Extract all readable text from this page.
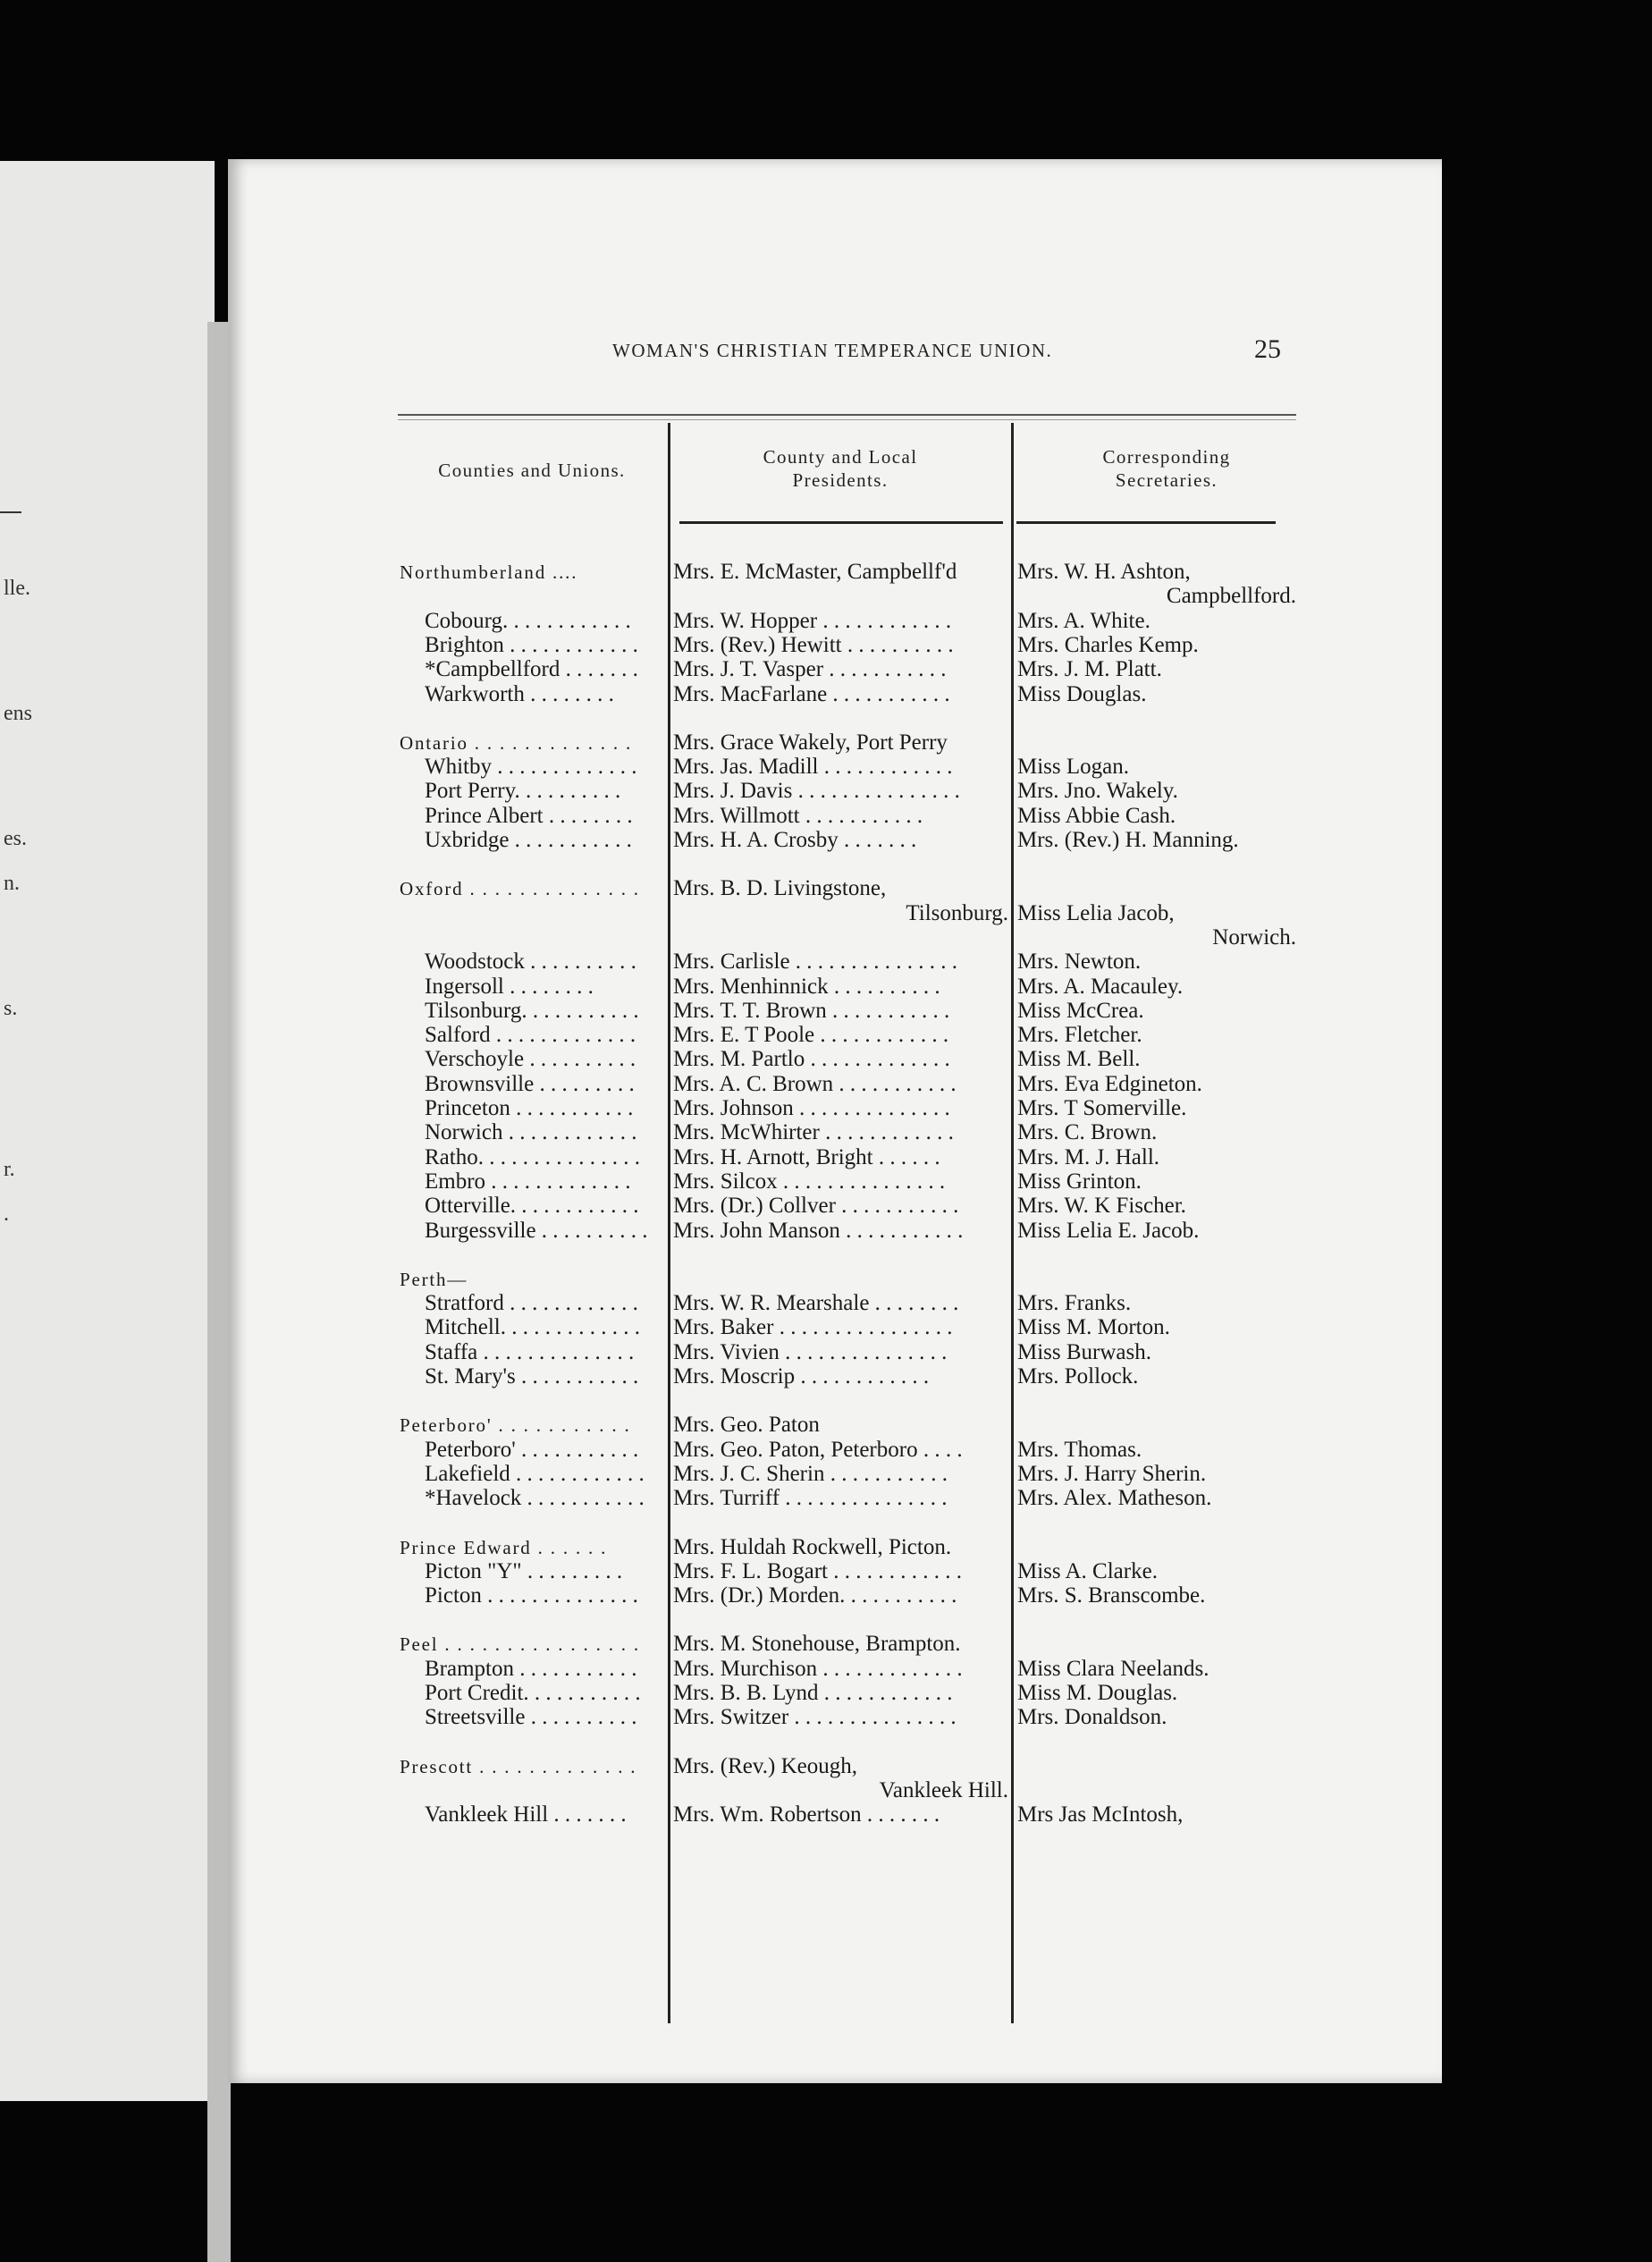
lle.
ens
es.
n.
s.
r.
.
WOMAN'S CHRISTIAN TEMPERANCE UNION.	25
Counties and Unions.
County and Local
Presidents.
Corresponding
Secretaries.
Northumberland ....	Mrs. E. McMaster, Campbellf'd	Mrs. W. H. Ashton,
Campbellford.
Cobourg. . . . . . . . . . . . Mrs. W. Hopper . . . . . . . . . . . .	Mrs. A. White.
Brighton . . . . . . . . . . . . Mrs. (Rev.) Hewitt . . . . . . . . . .	Mrs. Charles Kemp.
*Campbellford . . . . . . . Mrs. J. T. Vasper . . . . . . . . . . .	Mrs. J. M. Platt.
Warkworth . . . . . . . .	Mrs. MacFarlane . . . . . . . . . . .	Miss Douglas.
Ontario . . . . . . . . . . . . . Mrs. Grace Wakely, Port Perry
Whitby . . . . . . . . . . . . . Mrs. Jas. Madill . . . . . . . . . . . .	Miss Logan.
Port Perry. . . . . . . . . . Mrs. J. Davis . . . . . . . . . . . . . . .	Mrs. Jno. Wakely.
Prince Albert . . . . . . . . Mrs. Willmott . . . . . . . . . . .	Miss Abbie Cash.
Uxbridge . . . . . . . . . . . Mrs. H. A. Crosby . . . . . . .	Mrs. (Rev.) H. Manning.
Oxford . . . . . . . . . . . . . . Mrs. B. D. Livingstone,
Tilsonburg. Miss Lelia Jacob,
Norwich.
Woodstock . . . . . . . . . . Mrs. Carlisle . . . . . . . . . . . . . . .	Mrs. Newton.
Ingersoll . . . . . . . .	Mrs. Menhinnick . . . . . . . . . .	Mrs. A. Macauley.
Tilsonburg. . . . . . . . . . . Mrs. T. T. Brown . . . . . . . . . . .	Miss McCrea.
Salford . . . . . . . . . . . . . Mrs. E. T Poole . . . . . . . . . . . .	Mrs. Fletcher.
Verschoyle . . . . . . . . . . Mrs. M. Partlo . . . . . . . . . . . . .	Miss M. Bell.
Brownsville . . . . . . . . . Mrs. A. C. Brown . . . . . . . . . . .	Mrs. Eva Edgineton.
Princeton . . . . . . . . . . . Mrs. Johnson . . . . . . . . . . . . . .	Mrs. T Somerville.
Norwich . . . . . . . . . . . . Mrs. McWhirter . . . . . . . . . . . .	Mrs. C. Brown.
Ratho. . . . . . . . . . . . . . . Mrs. H. Arnott, Bright . . . . . .	Mrs. M. J. Hall.
Embro . . . . . . . . . . . . . Mrs. Silcox . . . . . . . . . . . . . . .	Miss Grinton.
Otterville. . . . . . . . . . . . Mrs. (Dr.) Collver . . . . . . . . . . .	Mrs. W. K Fischer.
Burgessville . . . . . . . . . . Mrs. John Manson . . . . . . . . . . . Miss Lelia E. Jacob.
Perth—
Stratford . . . . . . . . . . . . Mrs. W. R. Mearshale . . . . . . . .	Mrs. Franks.
Mitchell. . . . . . . . . . . . . Mrs. Baker . . . . . . . . . . . . . . . .	Miss M. Morton.
Staffa . . . . . . . . . . . . . . Mrs. Vivien . . . . . . . . . . . . . . .	Miss Burwash.
St. Mary's . . . . . . . . . . . Mrs. Moscrip . . . . . . . . . . . .	Mrs. Pollock.
Peterboro' . . . . . . . . . . . Mrs. Geo. Paton
Peterboro' . . . . . . . . . . . Mrs. Geo. Paton, Peterboro . . . . Mrs. Thomas.
Lakefield . . . . . . . . . . . . Mrs. J. C. Sherin . . . . . . . . . . .	Mrs. J. Harry Sherin.
*Havelock . . . . . . . . . . . Mrs. Turriff . . . . . . . . . . . . . . .	Mrs. Alex. Matheson.
Prince Edward . . . . . .	Mrs. Huldah Rockwell, Picton.
Picton "Y" . . . . . . . . . Mrs. F. L. Bogart . . . . . . . . . . . . Miss A. Clarke.
Picton . . . . . . . . . . . . . . Mrs. (Dr.) Morden. . . . . . . . . . .	Mrs. S. Branscombe.
Peel . . . . . . . . . . . . . . . . Mrs. M. Stonehouse, Brampton.
Brampton . . . . . . . . . . . Mrs. Murchison . . . . . . . . . . . . . Miss Clara Neelands.
Port Credit. . . . . . . . . . . Mrs. B. B. Lynd . . . . . . . . . . . .	Miss M. Douglas.
Streetsville . . . . . . . . . . Mrs. Switzer . . . . . . . . . . . . . . .	Mrs. Donaldson.
Prescott . . . . . . . . . . . . . Mrs. (Rev.) Keough,
Vankleek Hill.
Vankleek Hill . . . . . . . Mrs. Wm. Robertson . . . . . . .	Mrs Jas McIntosh,
